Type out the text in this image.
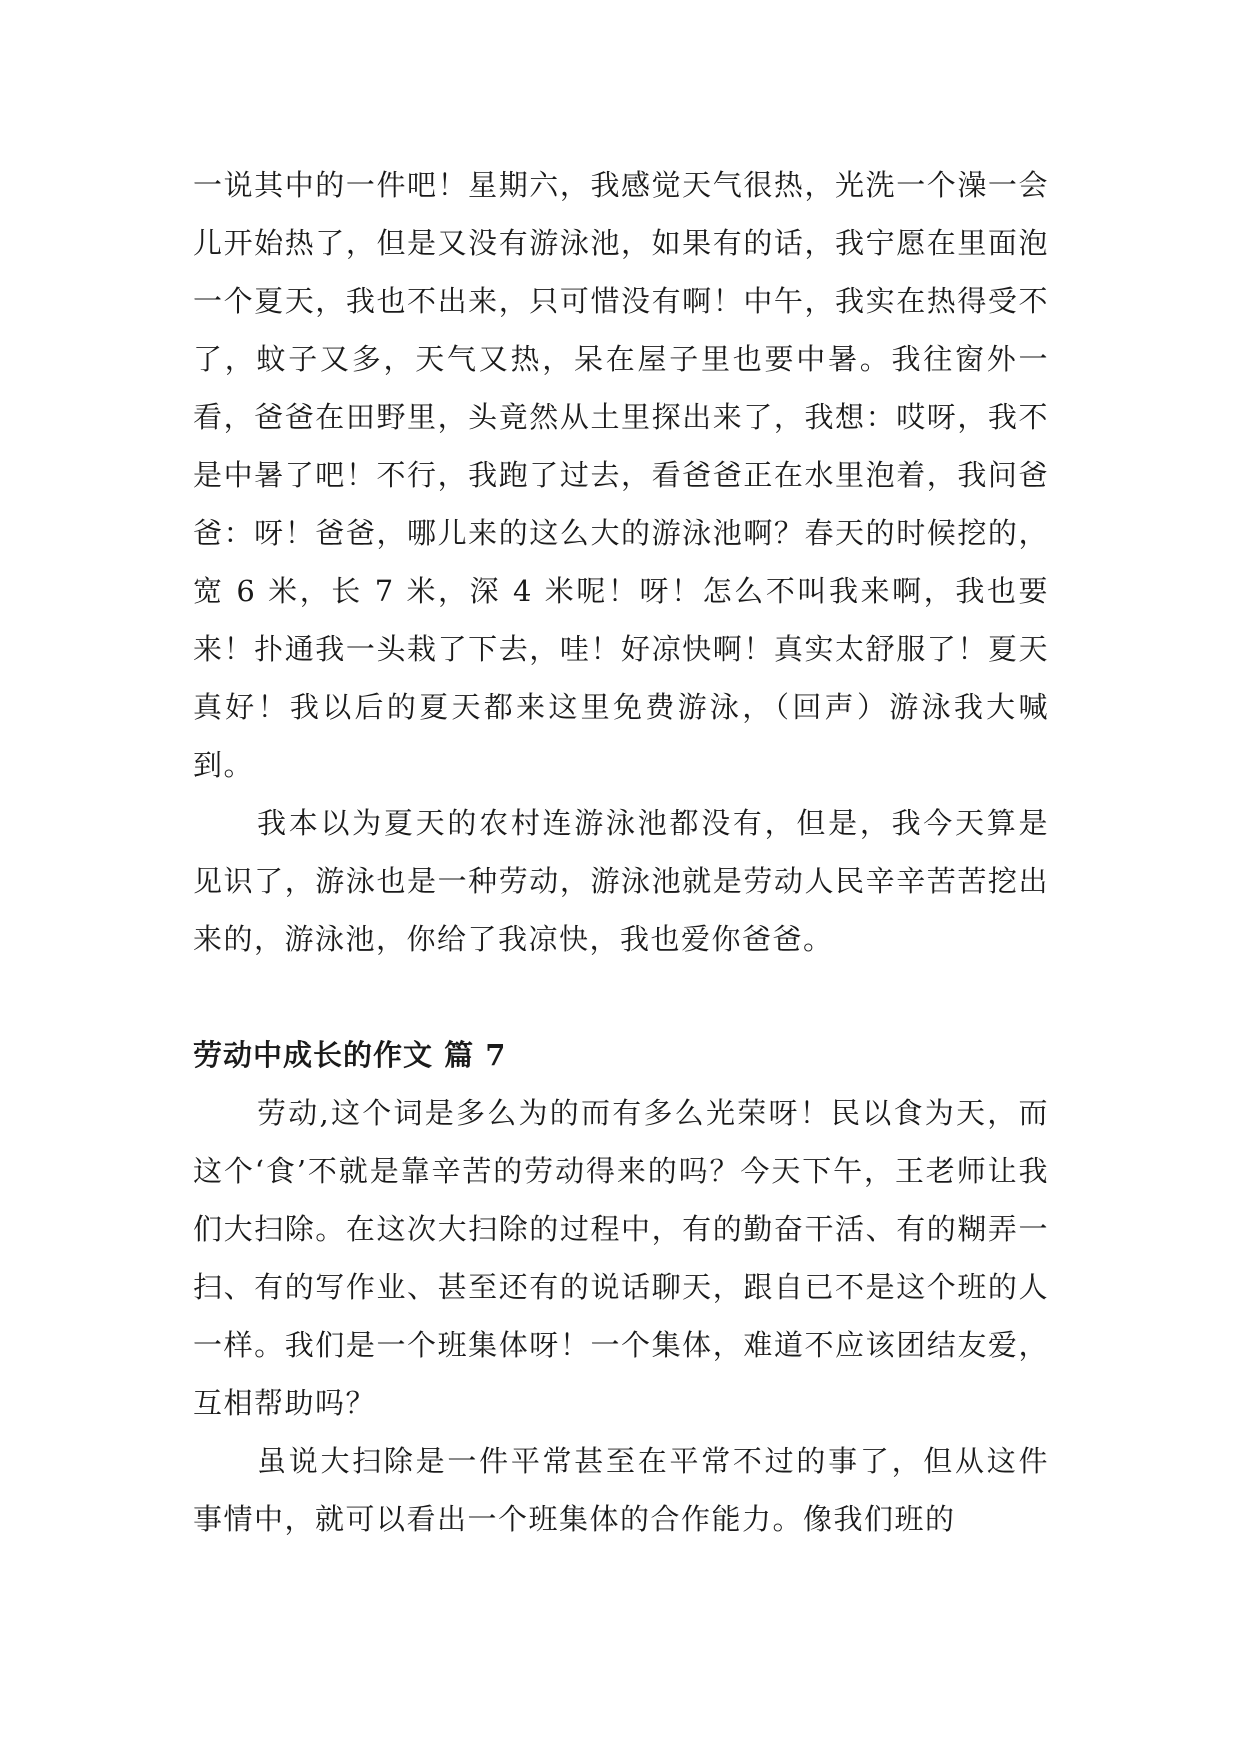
一说其中的一件吧！星期六，我感觉天气很热，光洗一个澡一会儿开始热了，但是又没有游泳池，如果有的话，我宁愿在里面泡一个夏天，我也不出来，只可惜没有啊！中午，我实在热得受不了，蚊子又多，天气又热，呆在屋子里也要中暑。我往窗外一看，爸爸在田野里，头竟然从土里探出来了，我想：哎呀，我不是中暑了吧！不行，我跑了过去，看爸爸正在水里泡着，我问爸爸：呀！爸爸，哪儿来的这么大的游泳池啊？春天的时候挖的，宽 6 米，长 7 米，深 4 米呢！呀！怎么不叫我来啊，我也要来！扑通我一头栽了下去，哇！好凉快啊！真实太舒服了！夏天真好！我以后的夏天都来这里免费游泳，（回声）游泳我大喊到。

我本以为夏天的农村连游泳池都没有，但是，我今天算是见识了，游泳也是一种劳动，游泳池就是劳动人民辛辛苦苦挖出来的，游泳池，你给了我凉快，我也爱你爸爸。

劳动中成长的作文 篇 7

劳动,这个词是多么为的而有多么光荣呀！民以食为天，而这个‘食’不就是靠辛苦的劳动得来的吗？今天下午，王老师让我们大扫除。在这次大扫除的过程中，有的勤奋干活、有的糊弄一扫、有的写作业、甚至还有的说话聊天，跟自已不是这个班的人一样。我们是一个班集体呀！一个集体，难道不应该团结友爱，互相帮助吗？

虽说大扫除是一件平常甚至在平常不过的事了，但从这件事情中，就可以看出一个班集体的合作能力。像我们班的
